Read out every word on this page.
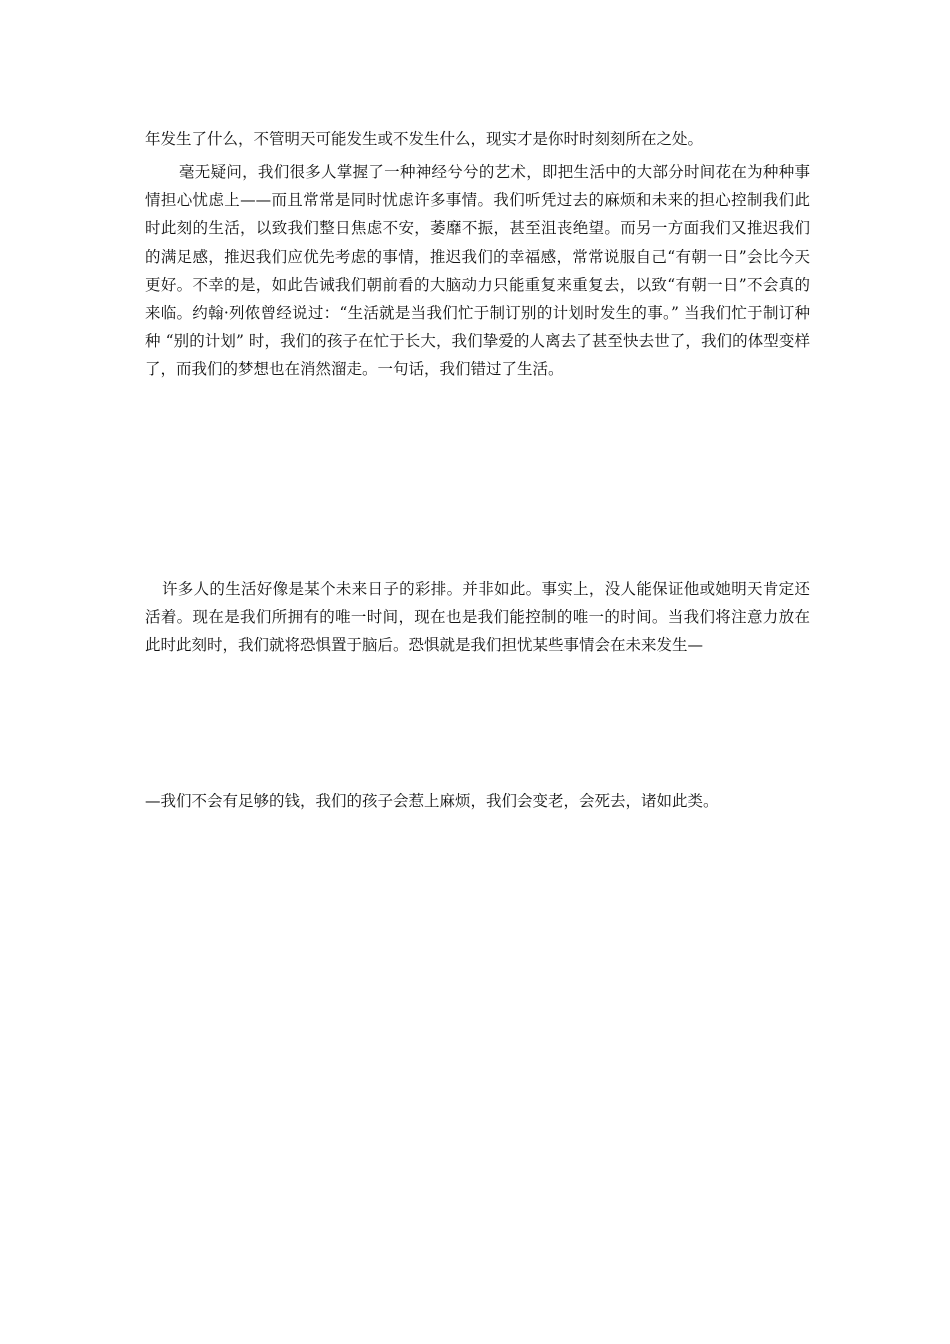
年发生了什么，不管明天可能发生或不发生什么，现实才是你时时刻刻所在之处。

毫无疑问，我们很多人掌握了一种神经兮兮的艺术，即把生活中的大部分时间花在为种种事情担心忧虑上——而且常常是同时忧虑许多事情。我们听凭过去的麻烦和未来的担心控制我们此时此刻的生活，以致我们整日焦虑不安，萎靡不振，甚至沮丧绝望。而另一方面我们又推迟我们的满足感，推迟我们应优先考虑的事情，推迟我们的幸福感，常常说服自己“有朝一日”会比今天更好。不幸的是，如此告诫我们朝前看的大脑动力只能重复来重复去，以致“有朝一日”不会真的来临。约翰·列侬曾经说过：“生活就是当我们忙于制订别的计划时发生的事。” 当我们忙于制订种种 “别的计划” 时，我们的孩子在忙于长大，我们挚爱的人离去了甚至快去世了，我们的体型变样了，而我们的梦想也在消然溜走。一句话，我们错过了生活。

许多人的生活好像是某个未来日子的彩排。并非如此。事实上，没人能保证他或她明天肯定还活着。现在是我们所拥有的唯一时间，现在也是我们能控制的唯一的时间。当我们将注意力放在此时此刻时，我们就将恐惧置于脑后。恐惧就是我们担忧某些事情会在未来发生—

—我们不会有足够的钱，我们的孩子会惹上麻烦，我们会变老，会死去，诸如此类。
